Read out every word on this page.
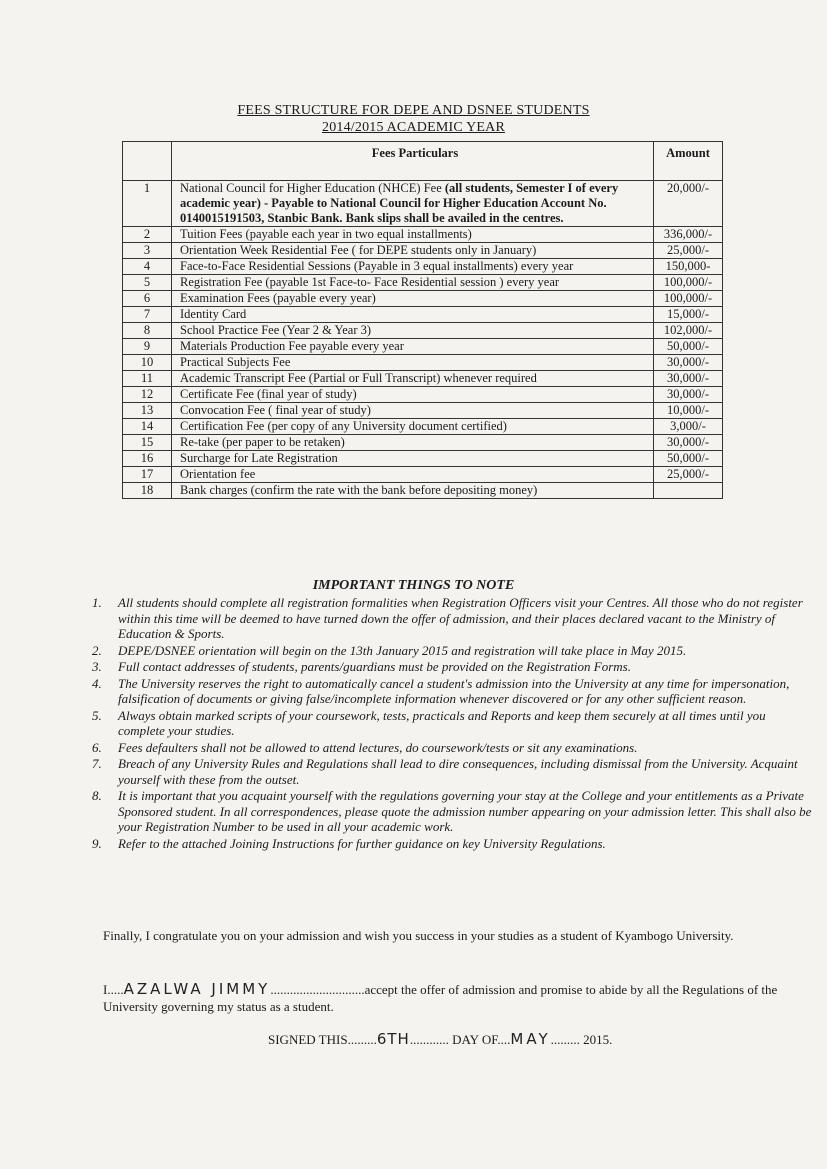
FEES STRUCTURE FOR DEPE AND DSNEE STUDENTS
2014/2015 ACADEMIC YEAR
	Fees Particulars	Amount
1	National Council for Higher Education (NHCE) Fee (all students, Semester I of every academic year) - Payable to National Council for Higher Education Account No. 0140015191503, Stanbic Bank. Bank slips shall be availed in the centres.	20,000/-
2	Tuition Fees (payable each year in two equal installments)	336,000/-
3	Orientation Week Residential Fee ( for DEPE students only in January)	25,000/-
4	Face-to-Face Residential Sessions (Payable in 3 equal installments) every year	150,000-
5	Registration Fee (payable 1st Face-to- Face Residential session ) every year	100,000/-
6	Examination Fees (payable every year)	100,000/-
7	Identity Card	15,000/-
8	School Practice Fee (Year 2 & Year 3)	102,000/-
9	Materials Production Fee payable every year	50,000/-
10	Practical Subjects Fee	30,000/-
11	Academic Transcript Fee (Partial or Full Transcript) whenever required	30,000/-
12	Certificate Fee (final year of study)	30,000/-
13	Convocation Fee ( final year of study)	10,000/-
14	Certification Fee (per copy of any University document certified)	3,000/-
15	Re-take (per paper to be retaken)	30,000/-
16	Surcharge for Late Registration	50,000/-
17	Orientation fee	25,000/-
18	Bank charges (confirm the rate with the bank before depositing money)	
IMPORTANT THINGS TO NOTE
1. All students should complete all registration formalities when Registration Officers visit your Centres. All those who do not register within this time will be deemed to have turned down the offer of admission, and their places declared vacant to the Ministry of Education & Sports.
2. DEPE/DSNEE orientation will begin on the 13th January 2015 and registration will take place in May 2015.
3. Full contact addresses of students, parents/guardians must be provided on the Registration Forms.
4. The University reserves the right to automatically cancel a student's admission into the University at any time for impersonation, falsification of documents or giving false/incomplete information whenever discovered or for any other sufficient reason.
5. Always obtain marked scripts of your coursework, tests, practicals and Reports and keep them securely at all times until you complete your studies.
6. Fees defaulters shall not be allowed to attend lectures, do coursework/tests or sit any examinations.
7. Breach of any University Rules and Regulations shall lead to dire consequences, including dismissal from the University. Acquaint yourself with these from the outset.
8. It is important that you acquaint yourself with the regulations governing your stay at the College and your entitlements as a Private Sponsored student. In all correspondences, please quote the admission number appearing on your admission letter. This shall also be your Registration Number to be used in all your academic work.
9. Refer to the attached Joining Instructions for further guidance on key University Regulations.
Finally, I congratulate you on your admission and wish you success in your studies as a student of Kyambogo University.
I.....AZALWA JIMMY.............................accept the offer of admission and promise to abide by all the Regulations of the University governing my status as a student.
SIGNED THIS.........6TH............ DAY OF....MAY......... 2015.
